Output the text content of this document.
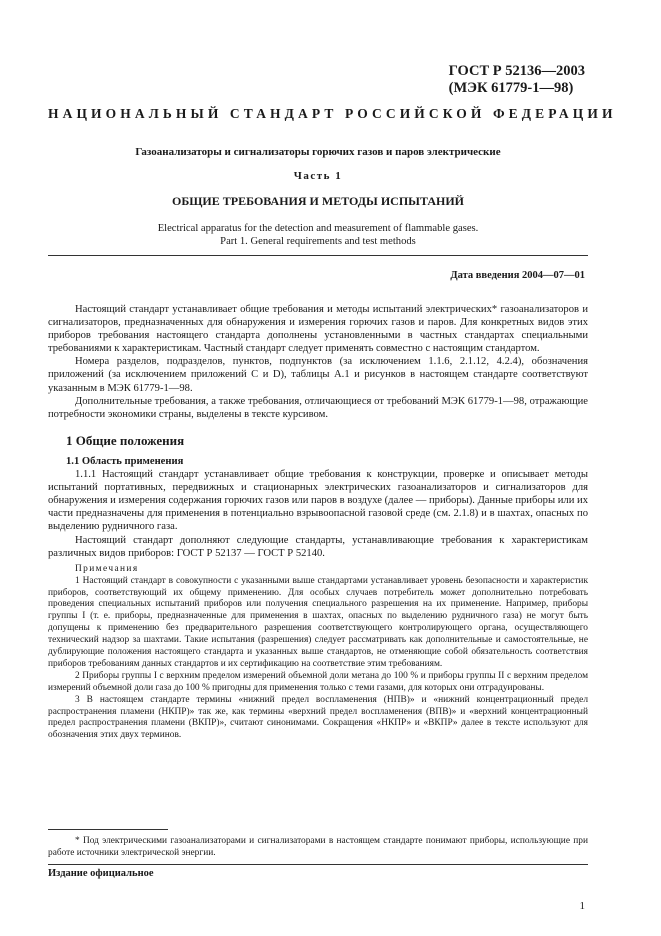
ГОСТ Р 52136—2003
(МЭК 61779-1—98)
НАЦИОНАЛЬНЫЙ СТАНДАРТ РОССИЙСКОЙ ФЕДЕРАЦИИ
Газоанализаторы и сигнализаторы горючих газов и паров электрические
Часть 1
ОБЩИЕ ТРЕБОВАНИЯ И МЕТОДЫ ИСПЫТАНИЙ
Electrical apparatus for the detection and measurement of flammable gases.
Part 1. General requirements and test methods
Дата введения 2004—07—01

Настоящий стандарт устанавливает общие требования и методы испытаний электрических* газоанализаторов и сигнализаторов, предназначенных для обнаружения и измерения горючих газов и паров. Для конкретных видов этих приборов требования настоящего стандарта дополнены установленными в частных стандартах специальными требованиями к характеристикам. Частный стандарт следует применять совместно с настоящим стандартом.

Номера разделов, подразделов, пунктов, подпунктов (за исключением 1.1.6, 2.1.12, 4.2.4), обозначения приложений (за исключением приложений С и D), таблицы А.1 и рисунков в настоящем стандарте соответствуют указанным в МЭК 61779-1—98.

Дополнительные требования, а также требования, отличающиеся от требований МЭК 61779-1—98, отражающие потребности экономики страны, выделены в тексте курсивом.

1 Общие положения

1.1 Область применения

1.1.1 Настоящий стандарт устанавливает общие требования к конструкции, проверке и описывает методы испытаний портативных, передвижных и стационарных электрических газоанализаторов и сигнализаторов для обнаружения и измерения содержания горючих газов или паров в воздухе (далее — приборы). Данные приборы или их части предназначены для применения в потенциально взрывоопасной газовой среде (см. 2.1.8) и в шахтах, опасных по выделению рудничного газа.

Настоящий стандарт дополняют следующие стандарты, устанавливающие требования к характеристикам различных видов приборов: ГОСТ Р 52137 — ГОСТ Р 52140.

Примечания

1 Настоящий стандарт в совокупности с указанными выше стандартами устанавливает уровень безопасности и характеристик приборов, соответствующий их общему применению. Для особых случаев потребитель может дополнительно потребовать проведения специальных испытаний приборов или получения специального разрешения на их применение. Например, приборы группы I (т. е. приборы, предназначенные для применения в шахтах, опасных по выделению рудничного газа) не могут быть допущены к применению без предварительного разрешения соответствующего контролирующего органа, осуществляющего технический надзор за шахтами. Такие испытания (разрешения) следует рассматривать как дополнительные и самостоятельные, не дублирующие положения настоящего стандарта и указанных выше стандартов, не отменяющие собой обязательность соответствия приборов требованиям данных стандартов и их сертификацию на соответствие этим требованиям.

2 Приборы группы I с верхним пределом измерений объемной доли метана до 100 % и приборы группы II с верхним пределом измерений объемной доли газа до 100 % пригодны для применения только с теми газами, для которых они отградуированы.

3 В настоящем стандарте термины «нижний предел воспламенения (НПВ)» и «нижний концентрационный предел распространения пламени (НКПР)» так же, как термины «верхний предел воспламенения (ВПВ)» и «верхний концентрационный предел распространения пламени (ВКПР)», считают синонимами. Сокращения «НКПР» и «ВКПР» далее в тексте используют для обозначения этих двух терминов.

* Под электрическими газоанализаторами и сигнализаторами в настоящем стандарте понимают приборы, использующие при работе источники электрической энергии.

Издание официальное
1
